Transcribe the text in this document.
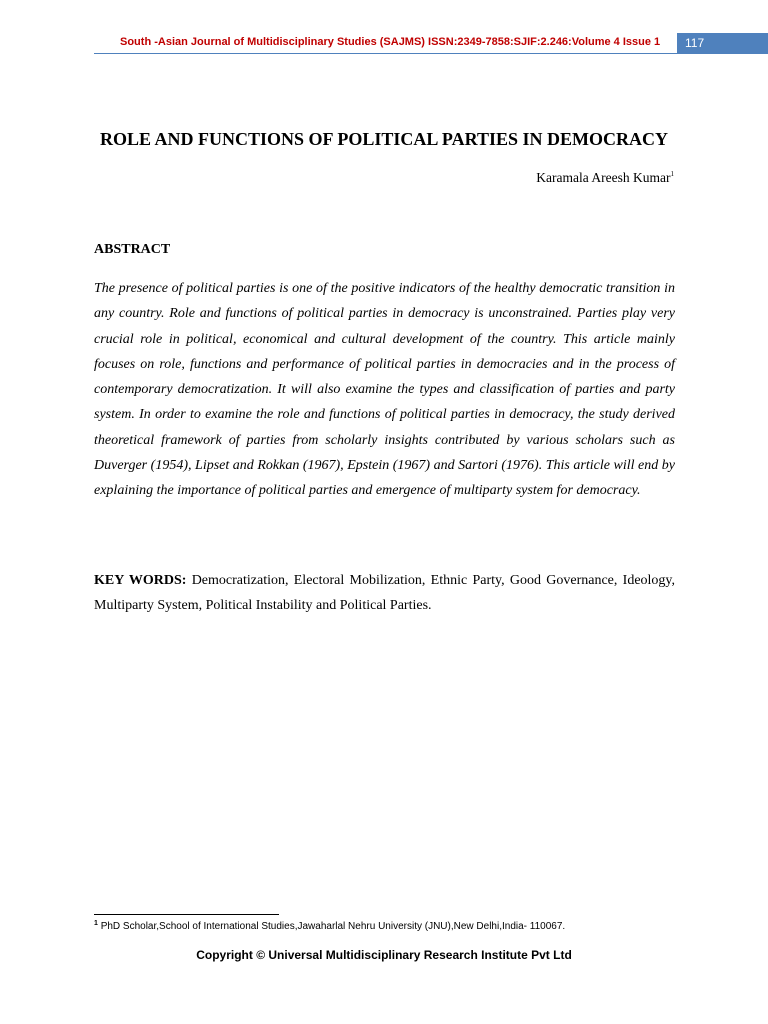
South -Asian Journal of Multidisciplinary Studies (SAJMS) ISSN:2349-7858:SJIF:2.246:Volume 4 Issue 1	117
ROLE AND FUNCTIONS OF POLITICAL PARTIES IN DEMOCRACY
Karamala Areesh Kumar$^1$
ABSTRACT

The presence of political parties is one of the positive indicators of the healthy democratic transition in any country. Role and functions of political parties in democracy is unconstrained. Parties play very crucial role in political, economical and cultural development of the country. This article mainly focuses on role, functions and performance of political parties in democracies and in the process of contemporary democratization. It will also examine the types and classification of parties and party system. In order to examine the role and functions of political parties in democracy, the study derived theoretical framework of parties from scholarly insights contributed by various scholars such as Duverger (1954), Lipset and Rokkan (1967), Epstein (1967) and Sartori (1976). This article will end by explaining the importance of political parties and emergence of multiparty system for democracy.

KEY WORDS: Democratization, Electoral Mobilization, Ethnic Party, Good Governance, Ideology, Multiparty System, Political Instability and Political Parties.

$^1$ PhD Scholar,School of International Studies,Jawaharlal Nehru University (JNU),New Delhi,India- 110067.
Copyright © Universal Multidisciplinary Research Institute Pvt Ltd
